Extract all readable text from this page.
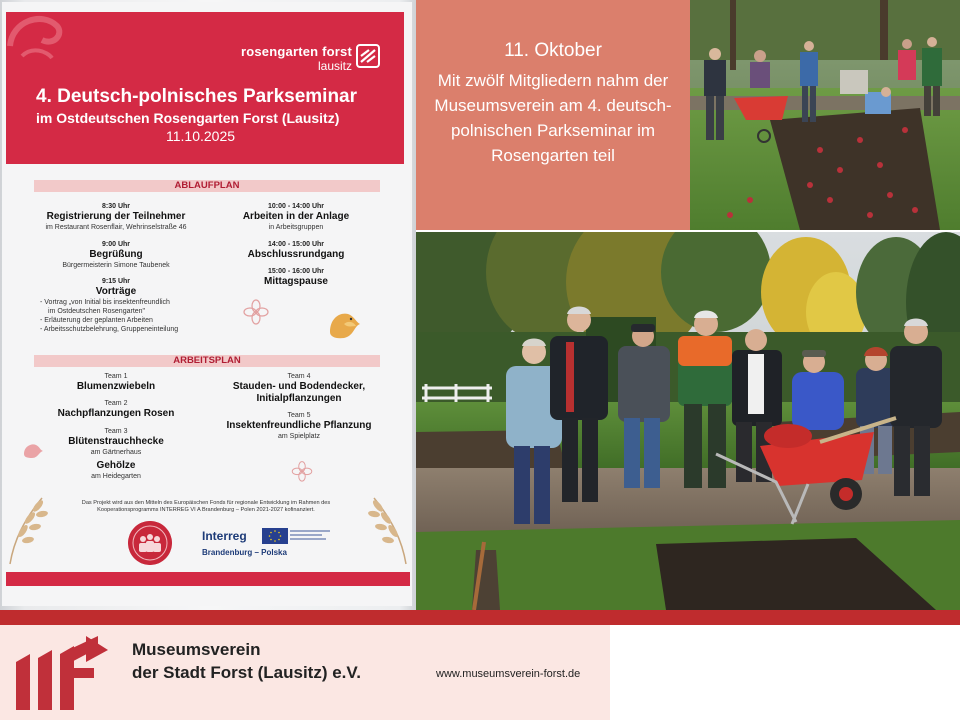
rosengarten forst
lausitz
4. Deutsch-polnisches Parkseminar
im Ostdeutschen Rosengarten Forst (Lausitz)
11.10.2025
ABLAUFPLAN
8:30 Uhr
Registrierung der Teilnehmer
im Restaurant Rosenflair, Wehrinselstraße 46
9:00 Uhr
Begrüßung
Bürgermeisterin Simone Taubenek
9:15 Uhr
Vorträge
- Vortrag „von Initial bis insektenfreundlich
im Ostdeutschen Rosengarten"
- Erläuterung der geplanten Arbeiten
- Arbeitsschutzbelehrung, Gruppeneinteilung
10:00 - 14:00 Uhr
Arbeiten in der Anlage
in Arbeitsgruppen
14:00 - 15:00 Uhr
Abschlussrundgang
15:00 - 16:00 Uhr
Mittagspause
ARBEITSPLAN
Team 1
Blumenzwiebeln
Team 2
Nachpflanzungen Rosen
Team 3
Blütenstrauchhecke
am Gärtnerhaus
Gehölze
am Heidegarten
Team 4
Stauden- und Bodendecker,
Initialpflanzungen
Team 5
Insektenfreundliche Pflanzung
am Spielplatz
Das Projekt wird aus den Mitteln des Europäischen Fonds für regionale Entwicklung im Rahmen des Kooperationsprogramms INTERREG VI A Brandenburg – Polen 2021-2027 kofinanziert.
Interreg
Brandenburg – Polska
11. Oktober
Mit zwölf Mitgliedern nahm der Museumsverein am 4. deutsch-polnischen Parkseminar im Rosengarten teil
Museumsverein
der Stadt Forst (Lausitz) e.V.	www.museumsverein-forst.de
